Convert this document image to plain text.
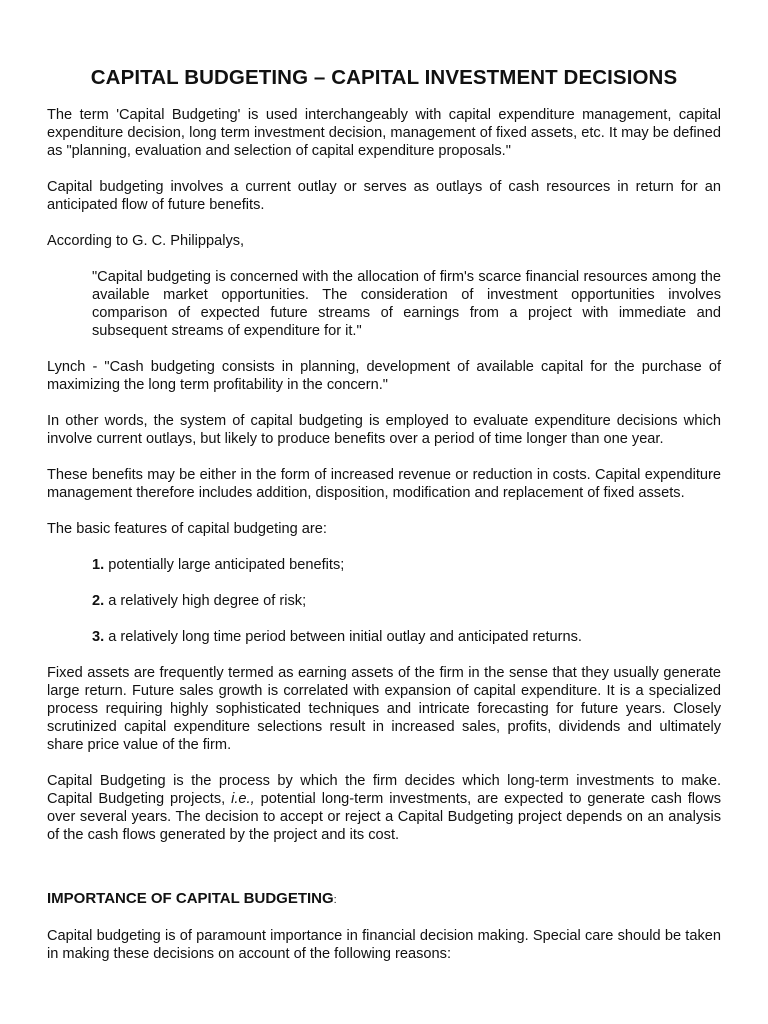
CAPITAL BUDGETING – CAPITAL INVESTMENT DECISIONS

The term 'Capital Budgeting' is used interchangeably with capital expenditure management, capital expenditure decision, long term investment decision, management of fixed assets, etc. It may be defined as "planning, evaluation and selection of capital expenditure proposals."

Capital budgeting involves a current outlay or serves as outlays of cash resources in return for an anticipated flow of future benefits.

According to G. C. Philippalys,

"Capital budgeting is concerned with the allocation of firm's scarce financial resources among the available market opportunities. The consideration of investment opportunities involves comparison of expected future streams of earnings from a project with immediate and subsequent streams of expenditure for it."

Lynch - "Cash budgeting consists in planning, development of available capital for the purchase of maximizing the long term profitability in the concern."

In other words, the system of capital budgeting is employed to evaluate expenditure decisions which involve current outlays, but likely to produce benefits over a period of time longer than one year.

These benefits may be either in the form of increased revenue or reduction in costs. Capital expenditure management therefore includes addition, disposition, modification and replacement of fixed assets.

The basic features of capital budgeting are:

1. potentially large anticipated benefits;

2. a relatively high degree of risk;

3. a relatively long time period between initial outlay and anticipated returns.

Fixed assets are frequently termed as earning assets of the firm in the sense that they usually generate large return. Future sales growth is correlated with expansion of capital expenditure. It is a specialized process requiring highly sophisticated techniques and intricate forecasting for future years. Closely scrutinized capital expenditure selections result in increased sales, profits, dividends and ultimately share price value of the firm.

Capital Budgeting is the process by which the firm decides which long-term investments to make. Capital Budgeting projects, i.e., potential long-term investments, are expected to generate cash flows over several years. The decision to accept or reject a Capital Budgeting project depends on an analysis of the cash flows generated by the project and its cost.

IMPORTANCE OF CAPITAL BUDGETING:

Capital budgeting is of paramount importance in financial decision making. Special care should be taken in making these decisions on account of the following reasons:
